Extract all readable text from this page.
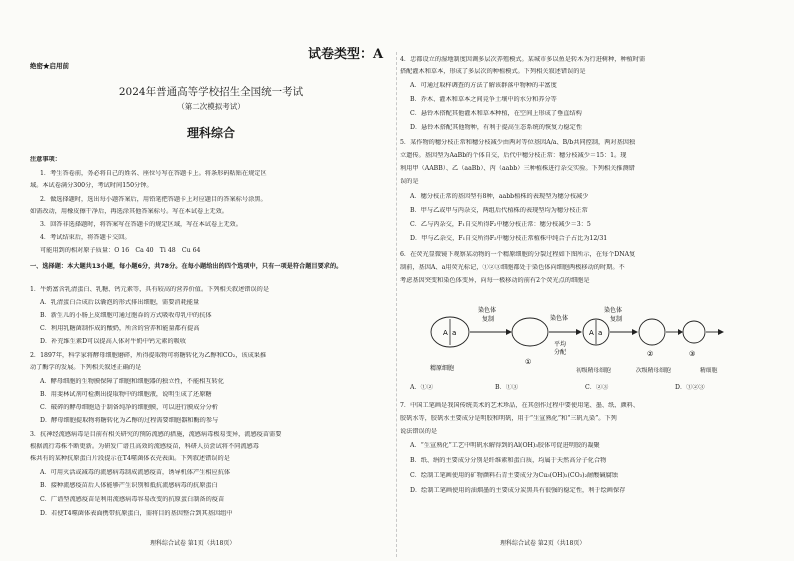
绝密★启用前
试卷类型：A
2024年普通高等学校招生全国统一考试
（第二次模拟考试）
理科综合
注意事项：
1．考生答卷前，务必将自己的姓名、座位号写在答题卡上。将条形码粘贴在规定区
域。本试卷满分300分，考试时间150分钟。
2．做选择题时，选出每小题答案后，用铅笔把答题卡上对应题目的答案标号涂黑。
如需改动，用橡皮擦干净后，再选涂其他答案标号。写在本试卷上无效。
3．回答非选择题时，将答案写在答题卡的规定区域，写在本试卷上无效。
4．考试结束后，将答题卡交回。
可能用到的相对原子质量：O 16　Ca 40　Ti 48　Cu 64
一、选择题：本大题共13小题，每小题6分，共78分。在每小题给出的四个选项中，只有一项是符合题目要求的。
1．牛奶富含乳清蛋白、乳糖、钙元素等，具有较高的营养价值。下列相关叙述错误的是
A．乳清蛋白合成后以囊泡的形式排出细胞，需要消耗能量
B．新生儿的小肠上皮细胞可通过胞吞的方式吸收母乳中的抗体
C．利用乳糖菌制作成的酸奶，所含的营养和能量都有提高
D．补充维生素D可以提高人体对牛奶中钙元素的吸收
2．1897年，科学家将酵母细胞磨碎，所得提取物可将糖转化为乙醇和CO₂，该成果推
动了酶学的发展。下列相关叙述正确的是
A．酵母细胞的生物膜保障了细胞和细胞器的独立性，不能相互转化
B．用斐林试剂可检测出提取物中的细胞液，说明生成了还原糖
C．破碎的酵母细胞适于制备纯净的细胞膜，可以进行膜成分分析
D．酵母细胞提取物将糖转化为乙醇的过程需要细胞器和酶的参与
3．抗神经流感病毒是目前有相关研究的预防流感的措施，流感病毒极易变异，流感疫苗需要
根据流行毒株不断更新。为研发广谱且高效的流感疫苗，科研人员尝试将不同流感毒
株共有的某种抗原蛋白片段提示在T4噬菌体衣壳表面。下列叙述错误的是
A．可用灭活或减毒的流感病毒制成流感疫苗，诱导机体产生相应抗体
B．接种流感疫苗后人体能够产生识别和抵抗流感病毒的抗原蛋白
C．广谱型流感疫苗是利用流感病毒容易改变的抗原蛋白制备的疫苗
D．若使T4噬菌体表面携带抗原蛋白，需将目的基因整合到其基因组中
理科综合试卷 第1页（共18页）
4．忠都设立的湿地制度因调多层次养殖模式。某城市多以鱼是转木为行进树种，种植时需
搭配灌木和草本，形成了多层次的种植模式。下列相关叙述错误的是
A．可通过取样调查的方法了解该群落中物种的丰富度
B．乔木、灌木和草本之间竞争土壤中的水分和养分等
C．悬铃木搭配其他灌木和草本种植，在空间上形成了垂直结构
D．悬铃木搭配其他物种，有利于提高生态系统的恢复力稳定性
5．某作物的穗分枝正常和穗分枝减少由两对等位基因A/a、B/b共同控制，两对基因独
立遗传。基因型为AaBb的个体自交，后代中穗分枝正常：穗分枝减少＝15：1。现
利用甲（AABB）、乙（aaBb）、丙（aabb）三种植株进行杂交实验。下列相关推测错
误的是
A．穗分枝正常的基因型有8种，aabb植株的表现型为穗分枝减少
B．甲与乙或甲与丙杂交，两组后代植株的表现型均为穗分枝正常
C．乙与丙杂交，F₁自交所得F₂中穗分枝正常：穗分枝减少＝3：5
D．甲与乙杂交，F₁自交所得F₂中穗分枝正常植株中纯合子占比为12/31
6．在荧光显微镜下观察某动物的一个精原细胞的分裂过程如下图所示，在每个DNA复
制前，基因A、a用荧光标记，①②③细胞都处于染色体向细胞两极移动的时期。不
考虑基因突变和染色体变异，向每一极移动的前有2个荧光点的细胞是
A a
精原细胞
染色体
复制
①
染色体
平均
分配
A a
染色体
复制
②	③
初级精母细胞	次级精母细胞	精细胞
A．①②	B．①③	C．②③	D．①②③
7．中国工笔画是我国传统美术的艺术珍品，在其创作过程中要使用笔、墨、纸、颜料、
胶矾水等，胶矾水主要成分是明胶和明矾，用于“生宣熟化”和“三矾九染”。下列
说法错误的是
A．“生宣熟化”工艺中明矾水解得到的Al(OH)₃胶体可促进明胶的凝聚
B．纸、绢的主要成分分别是纤维素和蛋白质，均属于天然高分子化合物
C．绘制工笔画使用的矿物颜料石青主要成分为Cu₃(OH)₂(CO₃)₂耐酸碱腐蚀
D．绘制工笔画使用的油烟墨的主要成分炭黑具有很强的稳定性，利于绘画保存
理科综合试卷 第2页（共18页）
